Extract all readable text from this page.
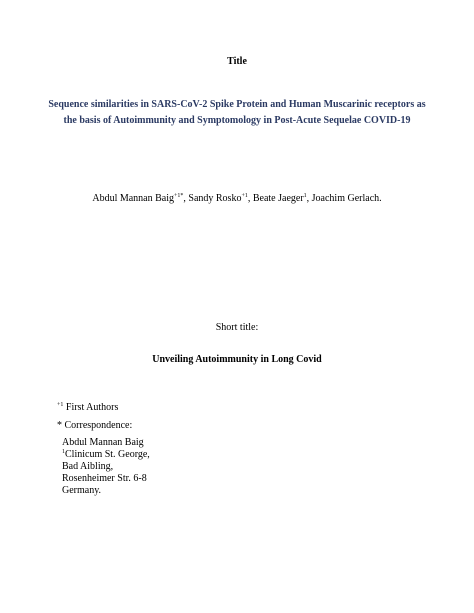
Title
Sequence similarities in SARS-CoV-2 Spike Protein and Human Muscarinic receptors as
the basis of Autoimmunity and Symptomology in Post-Acute Sequelae COVID-19
Abdul Mannan Baig$^{+1*}$, Sandy Rosko$^{+1}$, Beate Jaeger$^1$, Joachim Gerlach.
Short title:
Unveiling Autoimmunity in Long Covid
$^{+1}$ First Authors
* Correspondence:
Abdul Mannan Baig
$^1$Clinicum St. George,
Bad Aibling,
Rosenheimer Str. 6-8
Germany.
